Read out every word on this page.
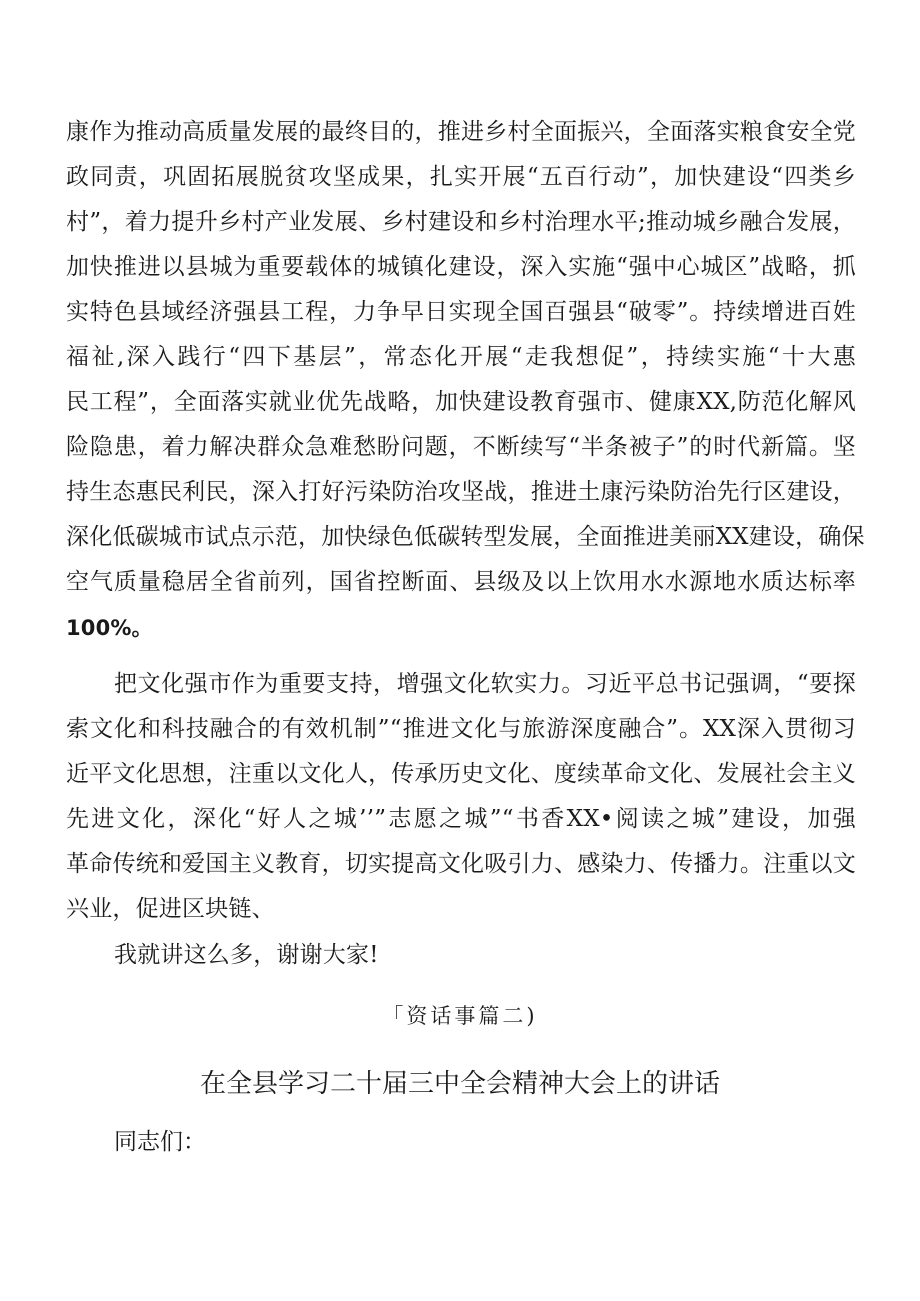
康作为推动高质量发展的最终目的，推进乡村全面振兴，全面落实粮食安全党
政同责，巩固拓展脱贫攻坚成果，扎实开展“五百行动”，加快建设“四类乡
村”，着力提升乡村产业发展、乡村建设和乡村治理水平;推动城乡融合发展，
加快推进以县城为重要载体的城镇化建设，深入实施“强中心城区”战略，抓
实特色县域经济强县工程，力争早日实现全国百强县“破零”。持续增进百姓
福祉,深入践行“四下基层”，常态化开展“走我想促”，持续实施“十大惠
民工程”，全面落实就业优先战略，加快建设教育强市、健康XX,防范化解风
险隐患，着力解决群众急难愁盼问题，不断续写“半条被子”的时代新篇。坚
持生态惠民利民，深入打好污染防治攻坚战，推进土康污染防治先行区建设，
深化低碳城市试点示范，加快绿色低碳转型发展，全面推进美丽XX建设，确保
空气质量稳居全省前列，国省控断面、县级及以上饮用水水源地水质达标率
100%。
把文化强市作为重要支持，增强文化软实力。习近平总书记强调，“要探
索文化和科技融合的有效机制”“推进文化与旅游深度融合”。XX深入贯彻习
近平文化思想，注重以文化人，传承历史文化、度续革命文化、发展社会主义
先进文化，深化“好人之城’’”志愿之城”“书香XX•阅读之城”建设，加强
革命传统和爱国主义教育，切实提高文化吸引力、感染力、传播力。注重以文
兴业，促进区块链、
我就讲这么多，谢谢大家!
「资话事篇二)
在全县学习二十届三中全会精神大会上的讲话
同志们：
